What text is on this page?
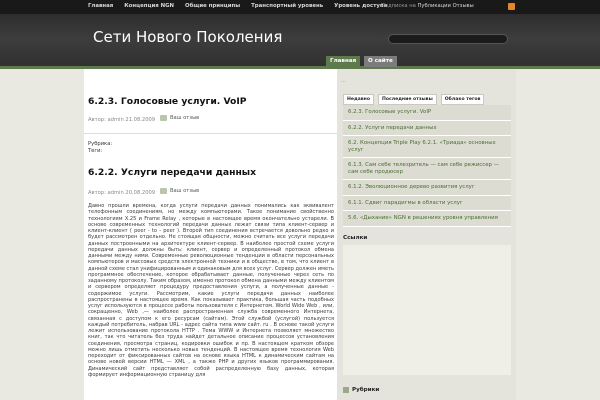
Главная Концепция NGN Общие принципы Транспортный уровень Уровень доступа
Подписка на Публикации Отзывы
Сети Нового Поколения
Главная	О сайте
6.2.3. Голосовые услуги. VoIP
Автор: admin 21.08.2009	Ваш отзыв
Рубрика:
Теги:
6.2.2. Услуги передачи данных
Автор: admin 20.08.2009	Ваш отзыв
Давно прошли времена, когда услуги передачи данных понимались как эквивалент телефонным соединениям, но между компьютерами. Такое понимание свойственно технологиям X.25 и Frame Relay , которые в настоящее время окончательно устарели. В основе современных технологий передачи данных лежат связи типа клиент-сервер и клиент-клиент ( peer - to - peer ). Второй тип соединения встречается довольно редко и будет рассмотрен отдельно. Не стоящая общности, можно считать все услуги передачи данных построенными на архитектуре клиент-сервер. В наиболее простой схеме услуги передачи данных должны быть: клиент, сервер и определенный протокол обмена данными между ними. Современные революционные тенденции в области персональных компьютеров и массовых средств электронной техники и в обществе, в том, что клиент в данной схеме стал унифицированным и одинаковым для всех услуг. Сервер должен иметь программное обеспечение, которое обрабатывает данные, полученные через сеть по заданному протоколу. Таким образом, именно протокол обмена данными между клиентом и сервером определяет процедуру предоставления услуги, а полученные данные - содержимое услуги. Рассмотрим, какие услуги передачи данных наиболее распространены в настоящее время. Как показывает практика, большая часть подобных услуг используются в процессе работы пользователя с Интернетом. World Wide Web , или, сокращенно, Web ,— наиболее распространенная служба современного Интернета, связанная с доступом к его ресурсам (сайтам). Этой службой (услугой) пользуется каждый потребитель, набрав URL - адрес сайта типа www сайт. ru . В основе такой услуги лежит использование протокола HTTP . Тема WWW и Интернета позволяет множество книг, так что читатель без труда найдет детальное описание процессов установления соединения, просмотра страниц, кодировки ошибок и пр. В настоящем кратком обзоре можно лишь отметить несколько новых тенденций. В настоящее время технология Web переходит от фиксированных сайтов на основе языка HTML к динамическим сайтам на основе новой версии HTML — XML , а также PHP и других языков программирования. Динамический сайт представляет собой распределенную базу данных, которая формирует информационную страницу для
...
Недавно	Последние отзывы	Облако тегов
6.2.3. Голосовые услуги. VoIP
6.2.2. Услуги передачи данных
6.2. Концепция Triple Play 6.2.1. «Триада» основных услуг
6.1.3. Сам себе телезритель — сам себе режиссер — сам себе продюсер
6.1.2. Эволюционное дерево развития услуг
6.1.1. Сдвиг парадигмы в области услуг
5.6. «Дыхание» NGN в решениях уровня управления
Ссылки
Рубрики
